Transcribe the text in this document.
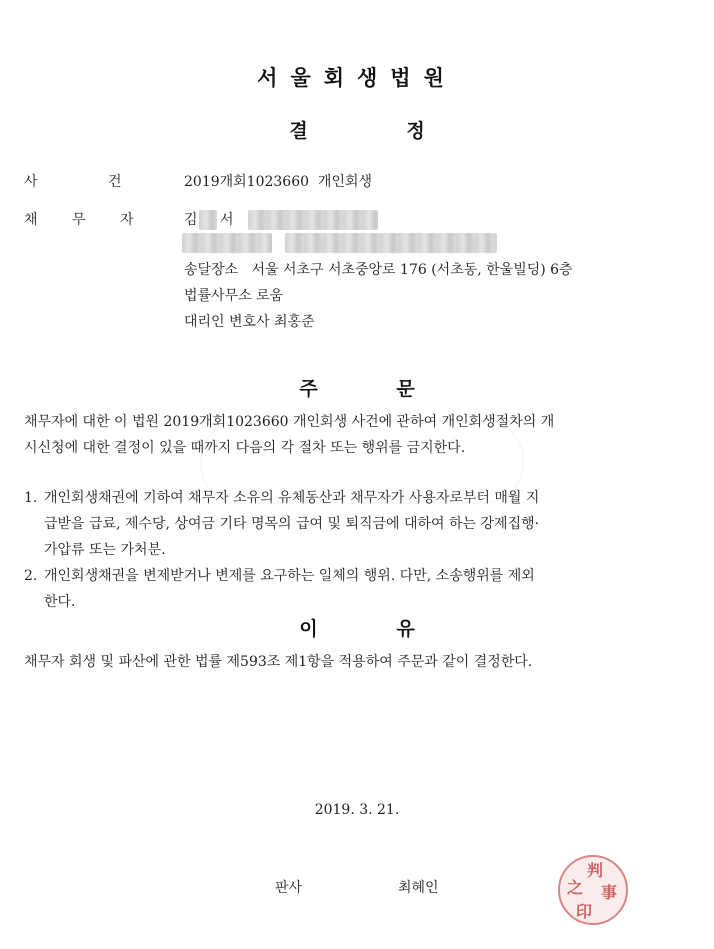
서울회생법원
결	정
사	건	2019개회1023660  개인회생
채 무 자	김 서
송달장소   서울 서초구 서초중앙로 176 (서초동, 한울빌딩) 6층
법률사무소 로움
대리인 변호사 최홍준
주	문
채무자에 대한 이 법원 2019개회1023660 개인회생 사건에 관하여 개인회생절차의 개
시신청에 대한 결정이 있을 때까지 다음의 각 절차 또는 행위를 금지한다.
1. 개인회생채권에 기하여 채무자 소유의 유체동산과 채무자가 사용자로부터 매월 지
급받을 급료, 제수당, 상여금 기타 명목의 급여 및 퇴직금에 대하여 하는 강제집행·
가압류 또는 가처분.
2. 개인회생채권을 변제받거나 변제를 요구하는 일체의 행위. 다만, 소송행위를 제외
한다.
이	유
채무자 회생 및 파산에 관한 법률 제593조 제1항을 적용하여 주문과 같이 결정한다.
2019. 3. 21.
판사	최혜인
判
事
之
印
